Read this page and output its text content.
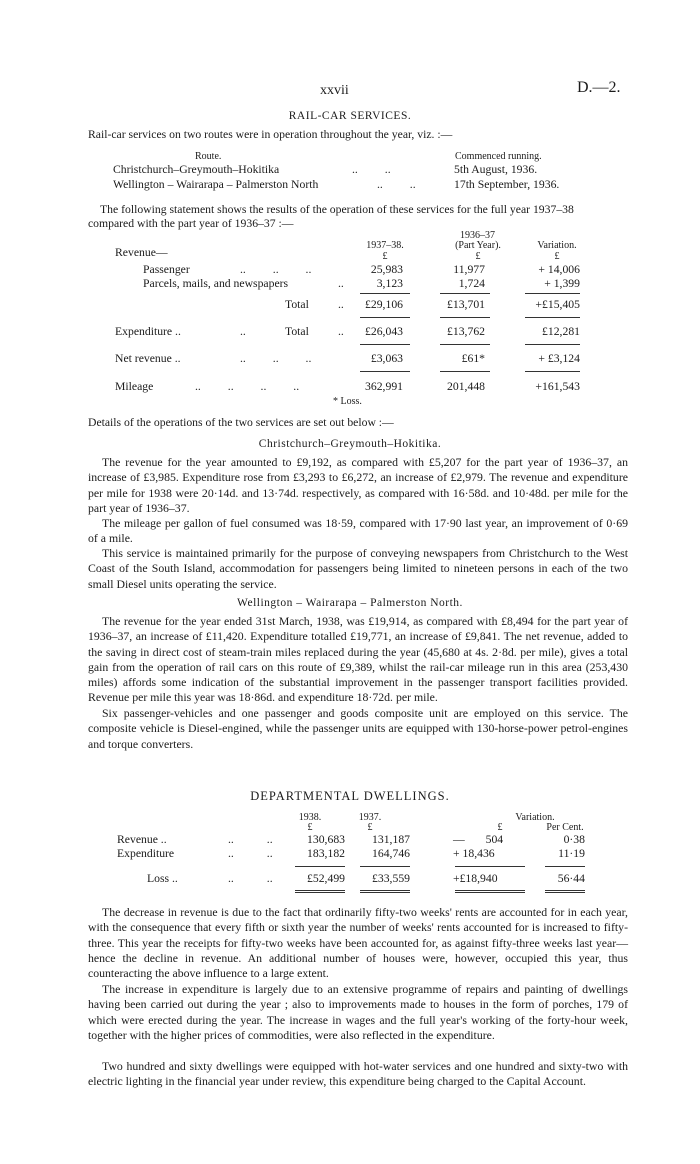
xxvii	D.—2.
RAIL-CAR SERVICES.
Rail-car services on two routes were in operation throughout the year, viz. :—
Route.	Commenced running.
Christchurch–Greymouth–Hokitika	.. ..	5th August, 1936.
Wellington – Wairarapa – Palmerston North	.. ..	17th September, 1936.
The following statement shows the results of the operation of these services for the full year 1937–38
compared with the part year of 1936–37 :—
1936–37
1937–38.	(Part Year).	Variation.
Revenue—	£	£	£
Passenger	.. .. ..	25,983	11,977	+ 14,006
Parcels, mails, and newspapers	..	3,123	1,724	+ 1,399
Total ..	£29,106	£13,701	+£15,405
Expenditure ..	..	Total ..	£26,043	£13,762	£12,281
Net revenue ..	.. .. ..	£3,063	£61*	+ £3,124
Mileage	.. .. .. ..	362,991	201,448	+161,543
* Loss.
Details of the operations of the two services are set out below :—
Christchurch–Greymouth–Hokitika.

The revenue for the year amounted to £9,192, as compared with £5,207 for the part year of 1936–37, an increase of £3,985. Expenditure rose from £3,293 to £6,272, an increase of £2,979. The revenue and expenditure per mile for 1938 were 20·14d. and 13·74d. respectively, as compared with 16·58d. and 10·48d. per mile for the part year of 1936–37.

The mileage per gallon of fuel consumed was 18·59, compared with 17·90 last year, an improvement of 0·69 of a mile.

This service is maintained primarily for the purpose of conveying newspapers from Christchurch to the West Coast of the South Island, accommodation for passengers being limited to nineteen persons in each of the two small Diesel units operating the service.

Wellington – Wairarapa – Palmerston North.

The revenue for the year ended 31st March, 1938, was £19,914, as compared with £8,494 for the part year of 1936–37, an increase of £11,420. Expenditure totalled £19,771, an increase of £9,841. The net revenue, added to the saving in direct cost of steam-train miles replaced during the year (45,680 at 4s. 2·8d. per mile), gives a total gain from the operation of rail cars on this route of £9,389, whilst the rail-car mileage run in this area (253,430 miles) affords some indication of the substantial improvement in the passenger transport facilities provided. Revenue per mile this year was 18·86d. and expenditure 18·72d. per mile.

Six passenger-vehicles and one passenger and goods composite unit are employed on this service. The composite vehicle is Diesel-engined, while the passenger units are equipped with 130-horse-power petrol-engines and torque converters.

DEPARTMENTAL DWELLINGS.
1938.	1937.	Variation.
£	£	£	Per Cent.
Revenue ..	.. ..	130,683	131,187	— 504	0·38
Expenditure	.. ..	183,182	164,746	+ 18,436	11·19
Loss ..	.. ..	£52,499	£33,559	+£18,940	56·44

The decrease in revenue is due to the fact that ordinarily fifty-two weeks' rents are accounted for in each year, with the consequence that every fifth or sixth year the number of weeks' rents accounted for is increased to fifty-three. This year the receipts for fifty-two weeks have been accounted for, as against fifty-three weeks last year—hence the decline in revenue. An additional number of houses were, however, occupied this year, thus counteracting the above influence to a large extent.

The increase in expenditure is largely due to an extensive programme of repairs and painting of dwellings having been carried out during the year ; also to improvements made to houses in the form of porches, 179 of which were erected during the year. The increase in wages and the full year's working of the forty-hour week, together with the higher prices of commodities, were also reflected in the expenditure.

Two hundred and sixty dwellings were equipped with hot-water services and one hundred and sixty-two with electric lighting in the financial year under review, this expenditure being charged to the Capital Account.
